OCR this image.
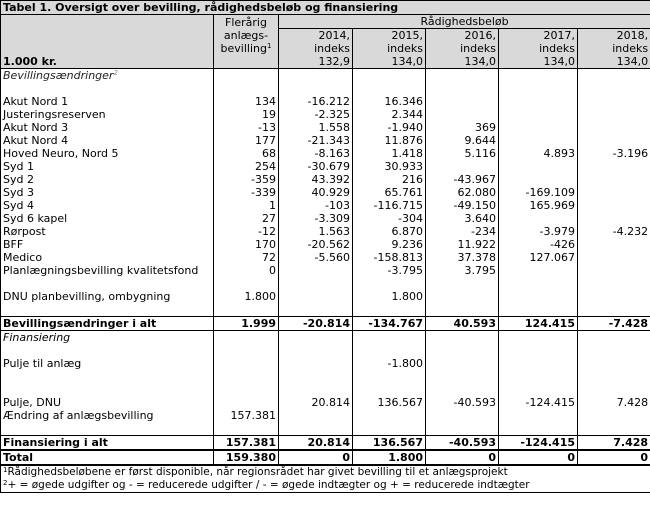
Tabel 1. Oversigt over bevilling, rådighedsbeløb og finansiering						
1.000 kr.	Flerårig	Rådighedsbeløb				
	anlægs-	2014,	2015,	2016,	2017,	2018,
	bevilling$^1$	indeks	indeks	indeks	indeks	indeks
		132,9	134,0	134,0	134,0	134,0
Bevillingsændringer$^2$						

Akut Nord 1	134	-16.212	16.346			
Justeringsreserven	19	-2.325	2.344			
Akut Nord 3	-13	1.558	-1.940	369		
Akut Nord 4	177	-21.343	11.876	9.644		
Hoved Neuro, Nord 5	68	-8.163	1.418	5.116	4.893	-3.196
Syd 1	254	-30.679	30.933			
Syd 2	-359	43.392	216	-43.967		
Syd 3	-339	40.929	65.761	62.080	-169.109	
Syd 4	1	-103	-116.715	-49.150	165.969	
Syd 6 kapel	27	-3.309	-304	3.640		
Rørpost	-12	1.563	6.870	-234	-3.979	-4.232
BFF	170	-20.562	9.236	11.922	-426	
Medico	72	-5.560	-158.813	37.378	127.067	
Planlægningsbevilling kvalitetsfond	0		-3.795	3.795		

DNU planbevilling, ombygning	1.800		1.800			

Bevillingsændringer i alt	1.999	-20.814	-134.767	40.593	124.415	-7.428
Finansiering						

Pulje til anlæg			-1.800			

Pulje, DNU		20.814	136.567	-40.593	-124.415	7.428
Ændring af anlægsbevilling	157.381					

Finansiering i alt	157.381	20.814	136.567	-40.593	-124.415	7.428
Total	159.380	0	1.800	0	0	0
$^1$Rådighedsbeløbene er først disponible, når regionsrådet har givet bevilling til et anlægsprojekt						
$^2$+ = øgede udgifter og - = reducerede udgifter / - = øgede indtægter og + = reducerede indtægter						
